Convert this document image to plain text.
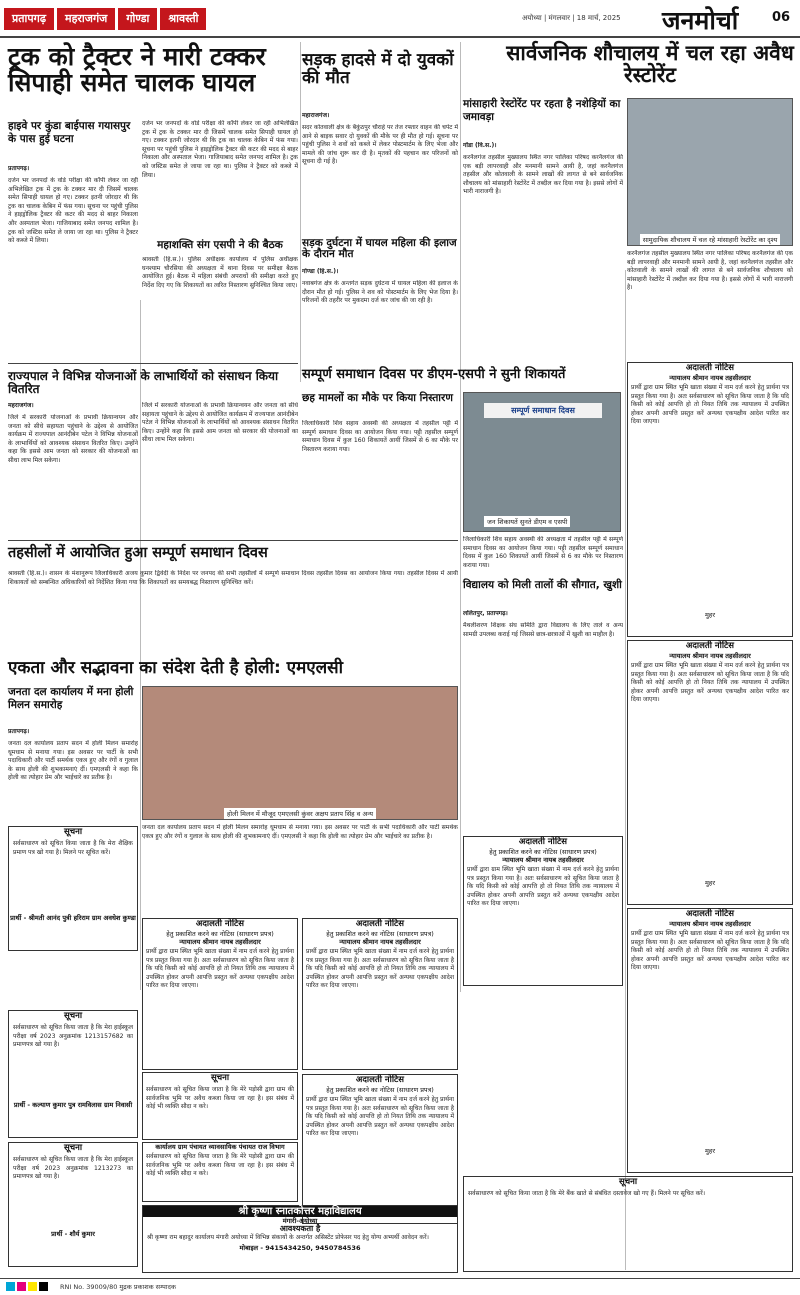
प्रतापगढ़	महराजगंज	गोण्डा	श्रावस्ती	अयोध्या | मंगलवार | 18 मार्च, 2025 जनमोर्चा	06
ट्रक को ट्रैक्टर ने मारी टक्कर सिपाही समेत चालक घायल
हाइवे पर कुंडा बाईपास गयासपुर के पास हुई घटना
प्रतापगढ़।
दर्जन भर जनपदों के वोर्ड परीक्षा की कॉपी लेकर जा रही अभिलेखित ट्रक में ट्रक के टक्कर मार दी जिसमें चालक समेत सिपाही घायल हो गए। टक्कर इतनी जोरदार थी कि ट्रक का चालक केबिन में फंस गया। सूचना पर पहुंची पुलिस ने हाइड्रोलिक ट्रैक्टर की कटर की मदद से बाहर निकाला और अस्पताल भेजा। गाजियाबाद समेत जनपद शामिल है। ट्रक को जस्टिस समेत ले जाया जा रहा था। पुलिस ने ट्रैक्टर को कब्जे में लिया।
दर्जन भर जनपदों के वोर्ड परीक्षा की कॉपी लेकर जा रही अभिलेखित ट्रक में ट्रक के टक्कर मार दी जिसमें चालक समेत सिपाही घायल हो गए। टक्कर इतनी जोरदार थी कि ट्रक का चालक केबिन में फंस गया। सूचना पर पहुंची पुलिस ने हाइड्रोलिक ट्रैक्टर की कटर की मदद से बाहर निकाला और अस्पताल भेजा। गाजियाबाद समेत जनपद शामिल है। ट्रक को जस्टिस समेत ले जाया जा रहा था। पुलिस ने ट्रैक्टर को कब्जे में लिया।
महाशक्ति संग एसपी ने की बैठक
श्रावस्ती (हि.स.)। पुलिस अधीक्षक कार्यालय में पुलिस अधीक्षक घनश्याम चौरसिया की अध्यक्षता में थाना दिवस पर समीक्षा बैठक आयोजित हुई। बैठक में महिला संबंधी अपराधों की समीक्षा करते हुए निर्देश दिए गए कि शिकायतों का त्वरित निस्तारण सुनिश्चित किया जाए।
सड़क हादसे में दो युवकों की मौत
महाराजगंज।
सदर कोतवाली क्षेत्र के बैकुंठपुर चौराहे पर तेज रफ्तार वाहन की चपेट में आने से बाइक सवार दो युवकों की मौके पर ही मौत हो गई। सूचना पर पहुंची पुलिस ने शवों को कब्जे में लेकर पोस्टमार्टम के लिए भेजा और मामले की जांच शुरू कर दी है। मृतकों की पहचान कर परिजनों को सूचना दी गई है।
सड़क दुर्घटना में घायल महिला की इलाज के दौरान मौत
गोण्डा (हि.स.)।
नवाबगंज क्षेत्र के अन्तर्गत सड़क दुर्घटना में घायल महिला की इलाज के दौरान मौत हो गई। पुलिस ने शव को पोस्टमार्टम के लिए भेज दिया है। परिजनों की तहरीर पर मुकदमा दर्ज कर जांच की जा रही है।
सार्वजनिक शौचालय में चल रहा अवैध रेस्टोरेंट
मांसाहारी रेस्टोरेंट पर रहता है नशेड़ियों का जमावड़ा
गोंडा (वि.स.)।
करनैलगंज तहसील मुख्यालय स्थित नगर पालिका परिषद करनैलगंज की एक बड़ी लापरवाही और मनमानी सामने आयी है, जहां करनैलगंज तहसील और कोतवाली के सामने लाखों की लागत से बने सार्वजनिक शौचालय को मांसाहारी रेस्टोरेंट में तब्दील कर दिया गया है। इससे लोगों में भारी नाराजगी है।
सामुदायिक शौचालय में चल रहे मांसाहारी रेस्टोरेंट का दृश्य
करनैलगंज तहसील मुख्यालय स्थित नगर पालिका परिषद करनैलगंज की एक बड़ी लापरवाही और मनमानी सामने आयी है, जहां करनैलगंज तहसील और कोतवाली के सामने लाखों की लागत से बने सार्वजनिक शौचालय को मांसाहारी रेस्टोरेंट में तब्दील कर दिया गया है। इससे लोगों में भारी नाराजगी है।
राज्यपाल ने विभिन्न योजनाओं के लाभार्थियों को संसाधन किया वितरित
महराजगंज।
जिले में सरकारी योजनाओं के प्रभावी क्रियान्वयन और जनता को सीधे सहायता पहुंचाने के उद्देश्य से आयोजित कार्यक्रम में राज्यपाल आनंदीबेन पटेल ने विभिन्न योजनाओं के लाभार्थियों को आवश्यक संसाधन वितरित किए। उन्होंने कहा कि इससे आम जनता को सरकार की योजनाओं का सीधा लाभ मिल सकेगा।
जिले में सरकारी योजनाओं के प्रभावी क्रियान्वयन और जनता को सीधे सहायता पहुंचाने के उद्देश्य से आयोजित कार्यक्रम में राज्यपाल आनंदीबेन पटेल ने विभिन्न योजनाओं के लाभार्थियों को आवश्यक संसाधन वितरित किए। उन्होंने कहा कि इससे आम जनता को सरकार की योजनाओं का सीधा लाभ मिल सकेगा।
सम्पूर्ण समाधान दिवस पर डीएम-एसपी ने सुनी शिकायतें
छह मामलों का मौके पर किया निस्तारण
जिलाधिकारी शिव सहाय अवस्थी की अध्यक्षता में तहसील पट्टी में सम्पूर्ण समाधान दिवस का आयोजन किया गया। पट्टी तहसील सम्पूर्ण समाधान दिवस में कुल 160 शिकायतें आयीं जिसमें से 6 का मौके पर निस्तारण कराया गया।
सम्पूर्ण समाधान दिवस
जन शिकायतें सुनते डीएम व एसपी
जिलाधिकारी शिव सहाय अवस्थी की अध्यक्षता में तहसील पट्टी में सम्पूर्ण समाधान दिवस का आयोजन किया गया। पट्टी तहसील सम्पूर्ण समाधान दिवस में कुल 160 शिकायतें आयीं जिसमें से 6 का मौके पर निस्तारण कराया गया।
तहसीलों में आयोजित हुआ सम्पूर्ण समाधान दिवस
श्रावस्ती (हि.स.)। शासन के मंशानुरूप जिलाधिकारी अजय कुमार द्विवेदी के निर्देश पर जनपद की सभी तहसीलों में सम्पूर्ण समाधान दिवस तहसील दिवस का आयोजन किया गया। तहसील दिवस में आयी शिकायतों को सम्बन्धित अधिकारियों को निर्देशित किया गया कि शिकायतों का समयबद्ध निस्तारण सुनिश्चित करें।
एकता और सद्भावना का संदेश देती है होली: एमएलसी
जनता दल कार्यालय में मना होली मिलन समारोह
प्रतापगढ़।
जनता दल कार्यालय प्रताप सदन में होली मिलन समारोह धूमधाम से मनाया गया। इस अवसर पर पार्टी के सभी पदाधिकारी और पार्टी समर्थक एकत्र हुए और रंगों व गुलाल के साथ होली की शुभकामनाएं दीं। एमएलसी ने कहा कि होली का त्योहार प्रेम और भाईचारे का प्रतीक है।
होली मिलन में मौजूद एमएलसी कुंवर अक्षय प्रताप सिंह व अन्य
जनता दल कार्यालय प्रताप सदन में होली मिलन समारोह धूमधाम से मनाया गया। इस अवसर पर पार्टी के सभी पदाधिकारी और पार्टी समर्थक एकत्र हुए और रंगों व गुलाल के साथ होली की शुभकामनाएं दीं। एमएलसी ने कहा कि होली का त्योहार प्रेम और भाईचारे का प्रतीक है।
सूचना
सर्वसाधारण को सूचित किया जाता है कि मेरा शैक्षिक प्रमाण पत्र खो गया है। मिलने पर सूचित करें।
प्रार्थी - श्रीमती आनंद पुत्री हरिराम ग्राम अवधेश कुण्डा
सूचना
सर्वसाधारण को सूचित किया जाता है कि मेरा हाईस्कूल परीक्षा वर्ष 2023 अनुक्रमांक 1213157682 का प्रमाणपत्र खो गया है।
प्रार्थी - कल्याण कुमार पुत्र रामविलास ग्राम निवासी
सूचना
सर्वसाधारण को सूचित किया जाता है कि मेरा हाईस्कूल परीक्षा वर्ष 2023 अनुक्रमांक 1213273 का प्रमाणपत्र खो गया है।
प्रार्थी - शौर्य कुमार
विद्यालय को मिली तालों की सौगात, खुशी
ललितपुर, प्रतापगढ़।
मैथलीशरण शिक्षक संघ समिति द्वारा विद्यालय के लिए ताले व अन्य सामग्री उपलब्ध कराई गई जिससे छात्र-छात्राओं में खुशी का माहौल है।
अदालती नोटिस
हेतु प्रकाशित करने का नोटिस (साधारण प्रपत्र)
न्यायालय श्रीमान नायब तहसीलदार
प्रार्थी द्वारा ग्राम स्थित भूमि खाता संख्या में नाम दर्ज करने हेतु प्रार्थना पत्र प्रस्तुत किया गया है। अतः सर्वसाधारण को सूचित किया जाता है कि यदि किसी को कोई आपत्ति हो तो नियत तिथि तक न्यायालय में उपस्थित होकर अपनी आपत्ति प्रस्तुत करें अन्यथा एकपक्षीय आदेश पारित कर दिया जाएगा।
अदालती नोटिस
हेतु प्रकाशित करने का नोटिस (साधारण प्रपत्र)
न्यायालय श्रीमान नायब तहसीलदार
प्रार्थी द्वारा ग्राम स्थित भूमि खाता संख्या में नाम दर्ज करने हेतु प्रार्थना पत्र प्रस्तुत किया गया है। अतः सर्वसाधारण को सूचित किया जाता है कि यदि किसी को कोई आपत्ति हो तो नियत तिथि तक न्यायालय में उपस्थित होकर अपनी आपत्ति प्रस्तुत करें अन्यथा एकपक्षीय आदेश पारित कर दिया जाएगा।
अदालती नोटिस
हेतु प्रकाशित करने का नोटिस (साधारण प्रपत्र)
न्यायालय श्रीमान नायब तहसीलदार
प्रार्थी द्वारा ग्राम स्थित भूमि खाता संख्या में नाम दर्ज करने हेतु प्रार्थना पत्र प्रस्तुत किया गया है। अतः सर्वसाधारण को सूचित किया जाता है कि यदि किसी को कोई आपत्ति हो तो नियत तिथि तक न्यायालय में उपस्थित होकर अपनी आपत्ति प्रस्तुत करें अन्यथा एकपक्षीय आदेश पारित कर दिया जाएगा।
अदालती नोटिस
हेतु प्रकाशित करने का नोटिस (साधारण प्रपत्र)
प्रार्थी द्वारा ग्राम स्थित भूमि खाता संख्या में नाम दर्ज करने हेतु प्रार्थना पत्र प्रस्तुत किया गया है। अतः सर्वसाधारण को सूचित किया जाता है कि यदि किसी को कोई आपत्ति हो तो नियत तिथि तक न्यायालय में उपस्थित होकर अपनी आपत्ति प्रस्तुत करें अन्यथा एकपक्षीय आदेश पारित कर दिया जाएगा।
अदालती नोटिस
न्यायालय श्रीमान नायब तहसीलदार
प्रार्थी द्वारा ग्राम स्थित भूमि खाता संख्या में नाम दर्ज करने हेतु प्रार्थना पत्र प्रस्तुत किया गया है। अतः सर्वसाधारण को सूचित किया जाता है कि यदि किसी को कोई आपत्ति हो तो नियत तिथि तक न्यायालय में उपस्थित होकर अपनी आपत्ति प्रस्तुत करें अन्यथा एकपक्षीय आदेश पारित कर दिया जाएगा।
मुहर
अदालती नोटिस
न्यायालय श्रीमान नायब तहसीलदार
प्रार्थी द्वारा ग्राम स्थित भूमि खाता संख्या में नाम दर्ज करने हेतु प्रार्थना पत्र प्रस्तुत किया गया है। अतः सर्वसाधारण को सूचित किया जाता है कि यदि किसी को कोई आपत्ति हो तो नियत तिथि तक न्यायालय में उपस्थित होकर अपनी आपत्ति प्रस्तुत करें अन्यथा एकपक्षीय आदेश पारित कर दिया जाएगा।
मुहर
अदालती नोटिस
न्यायालय श्रीमान नायब तहसीलदार
प्रार्थी द्वारा ग्राम स्थित भूमि खाता संख्या में नाम दर्ज करने हेतु प्रार्थना पत्र प्रस्तुत किया गया है। अतः सर्वसाधारण को सूचित किया जाता है कि यदि किसी को कोई आपत्ति हो तो नियत तिथि तक न्यायालय में उपस्थित होकर अपनी आपत्ति प्रस्तुत करें अन्यथा एकपक्षीय आदेश पारित कर दिया जाएगा।
मुहर
सूचना
सर्वसाधारण को सूचित किया जाता है कि मेरे पड़ोसी द्वारा ग्राम की सार्वजनिक भूमि पर अवैध कब्जा किया जा रहा है। इस संबंध में कोई भी व्यक्ति सौदा न करे।
कार्यालय ग्राम पंचायत व्यावसायिक पंचायत राज विभाग
सर्वसाधारण को सूचित किया जाता है कि मेरे पड़ोसी द्वारा ग्राम की सार्वजनिक भूमि पर अवैध कब्जा किया जा रहा है। इस संबंध में कोई भी व्यक्ति सौदा न करे।
श्री कृष्णा स्नातकोत्तर महाविद्यालय
मंगारी-अयोध्या
आवश्यकता है
श्री कृष्णा राम बहादुर कार्यालय मंगारी अयोध्या में विभिन्न संकायों के अन्तर्गत असिस्टेंट प्रोफेसर पद हेतु योग्य अभ्यर्थी आवेदन करें।
मोबाइल - 9415434250, 9450784536
सूचना
सर्वसाधारण को सूचित किया जाता है कि मेरे बैंक खाते से संबंधित दस्तावेज खो गए हैं। मिलने पर सूचित करें।
RNI No. 39009/80 मुद्रक प्रकाशक सम्पादक
